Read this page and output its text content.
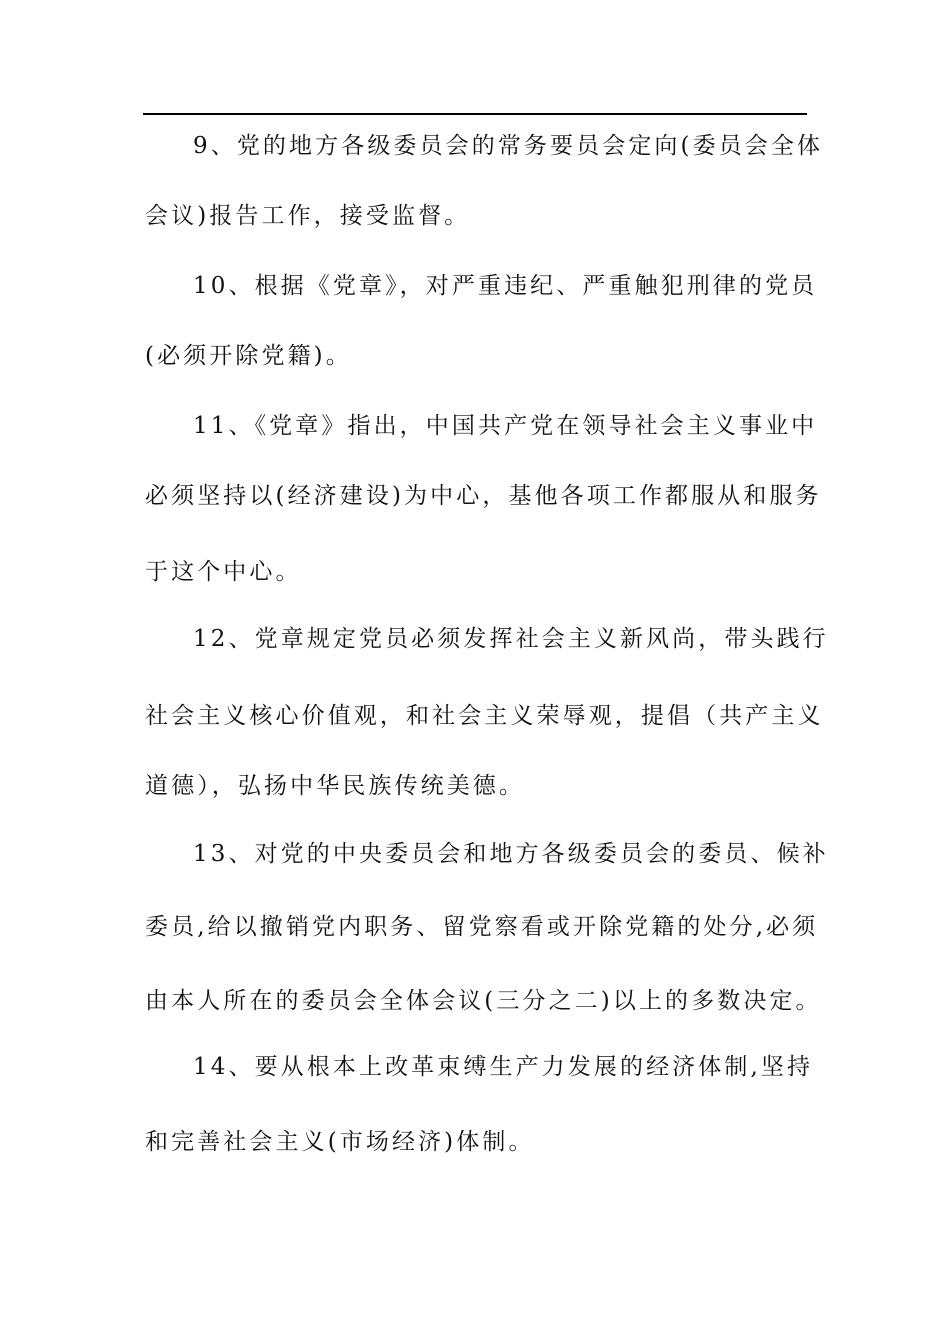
9、党的地方各级委员会的常务要员会定向(委员会全体
会议)报告工作，接受监督。
10、根据《党章》，对严重违纪、严重触犯刑律的党员
(必须开除党籍)。
11、《党章》指出，中国共产党在领导社会主义事业中
必须坚持以(经济建设)为中心，基他各项工作都服从和服务
于这个中心。
12、党章规定党员必须发挥社会主义新风尚，带头践行
社会主义核心价值观，和社会主义荣辱观，提倡（共产主义
道德），弘扬中华民族传统美德。
13、对党的中央委员会和地方各级委员会的委员、候补
委员,给以撤销党内职务、留党察看或开除党籍的处分,必须
由本人所在的委员会全体会议(三分之二)以上的多数决定。
14、要从根本上改革束缚生产力发展的经济体制,坚持
和完善社会主义(市场经济)体制。
